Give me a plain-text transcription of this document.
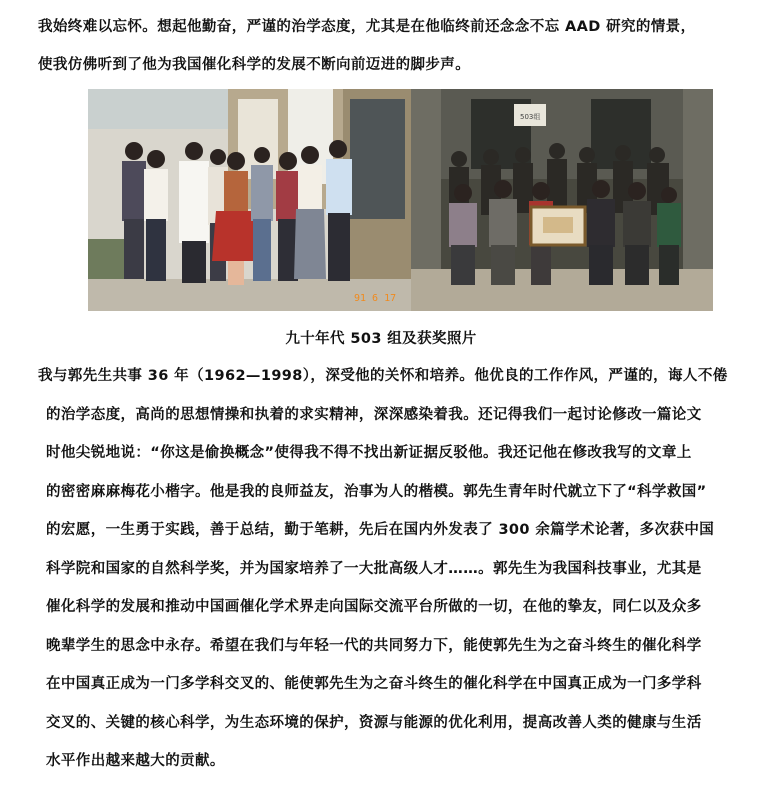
我始终难以忘怀。想起他勤奋，严谨的治学态度，尤其是在他临终前还念念不忘 AAD 研究的情景，
使我仿佛听到了他为我国催化科学的发展不断向前迈进的脚步声。
91 6 17
503组
九十年代 503 组及获奖照片
我与郭先生共事 36 年（1962—1998），深受他的关怀和培养。他优良的工作作风，严谨的，诲人不倦
的治学态度，高尚的思想情操和执着的求实精神，深深感染着我。还记得我们一起讨论修改一篇论文
时他尖锐地说：“你这是偷换概念”使得我不得不找出新证据反驳他。我还记他在修改我写的文章上
的密密麻麻梅花小楷字。他是我的良师益友，治事为人的楷模。郭先生青年时代就立下了“科学救国”
的宏愿，一生勇于实践，善于总结，勤于笔耕，先后在国内外发表了 300 余篇学术论著，多次获中国
科学院和国家的自然科学奖，并为国家培养了一大批高级人才……。郭先生为我国科技事业，尤其是
催化科学的发展和推动中国画催化学术界走向国际交流平台所做的一切，在他的挚友，同仁以及众多
晚辈学生的思念中永存。希望在我们与年轻一代的共同努力下，能使郭先生为之奋斗终生的催化科学
在中国真正成为一门多学科交叉的、能使郭先生为之奋斗终生的催化科学在中国真正成为一门多学科
交叉的、关键的核心科学，为生态环境的保护，资源与能源的优化利用，提高改善人类的健康与生活
水平作出越来越大的贡献。
